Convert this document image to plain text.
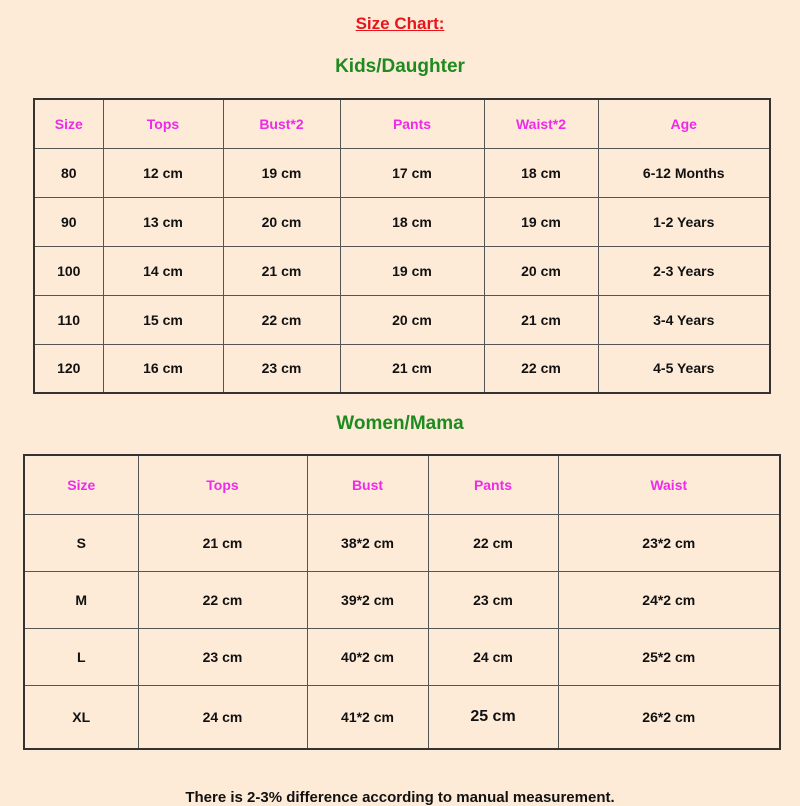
Size Chart:
Kids/Daughter
Size	Tops	Bust*2	Pants	Waist*2	Age
80	12 cm	19 cm	17 cm	18 cm	6-12 Months
90	13 cm	20 cm	18 cm	19 cm	1-2 Years
100	14 cm	21 cm	19 cm	20 cm	2-3 Years
110	15 cm	22 cm	20 cm	21 cm	3-4 Years
120	16 cm	23 cm	21 cm	22 cm	4-5 Years
Women/Mama
Size	Tops	Bust	Pants	Waist
S	21 cm	38*2 cm	22 cm	23*2 cm
M	22 cm	39*2 cm	23 cm	24*2 cm
L	23 cm	40*2 cm	24 cm	25*2 cm
XL	24 cm	41*2 cm	25 cm	26*2 cm
There is 2-3% difference according to manual measurement.
